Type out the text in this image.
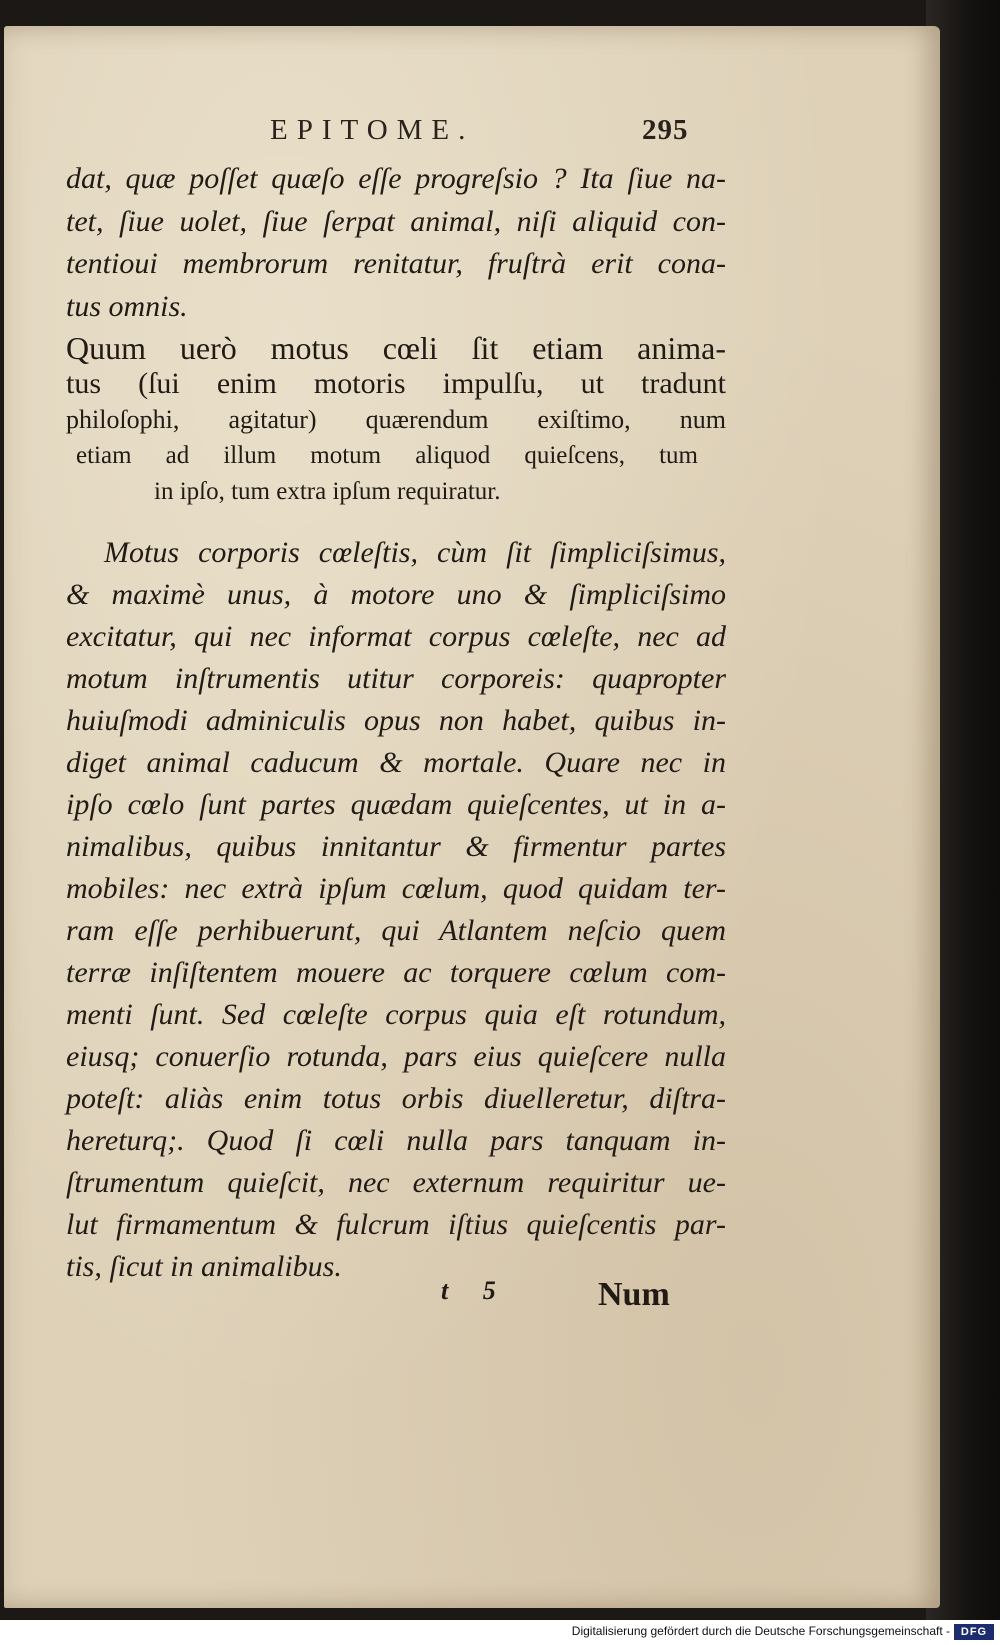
EPITOME.	295
dat, quæ poſſet quæſo eſſe progreſsio ? Ita ſiue na-
tet, ſiue uolet, ſiue ſerpat animal, niſi aliquid con-
tentioui membrorum renitatur, fruſtrà erit cona-
tus omnis.
Quum uerò motus cœli ſit etiam anima-
tus (ſui enim motoris impulſu, ut tradunt
philoſophi, agitatur) quærendum exiſtimo, num
etiam ad illum motum aliquod quieſcens, tum
in ipſo, tum extra ipſum requiratur.
Motus corporis cœleſtis, cùm ſit ſimpliciſsimus,
& maximè unus, à motore uno & ſimpliciſsimo
excitatur, qui nec informat corpus cœleſte, nec ad
motum inſtrumentis utitur corporeis: quapropter
huiuſmodi adminiculis opus non habet, quibus in-
diget animal caducum & mortale. Quare nec in
ipſo cœlo ſunt partes quædam quieſcentes, ut in a-
nimalibus, quibus innitantur & firmentur partes
mobiles: nec extrà ipſum cœlum, quod quidam ter-
ram eſſe perhibuerunt, qui Atlantem neſcio quem
terræ inſiſtentem mouere ac torquere cœlum com-
menti ſunt. Sed cœleſte corpus quia eſt rotundum,
eiusq; conuerſio rotunda, pars eius quieſcere nulla
poteſt: aliàs enim totus orbis diuelleretur, diſtra-
hereturq;. Quod ſi cœli nulla pars tanquam in-
ſtrumentum quieſcit, nec externum requiritur ue-
lut firmamentum & fulcrum iſtius quieſcentis par-
tis, ſicut in animalibus.
t 5	Num
Digitalisierung gefördert durch die Deutsche Forschungsgemeinschaft - DFG
